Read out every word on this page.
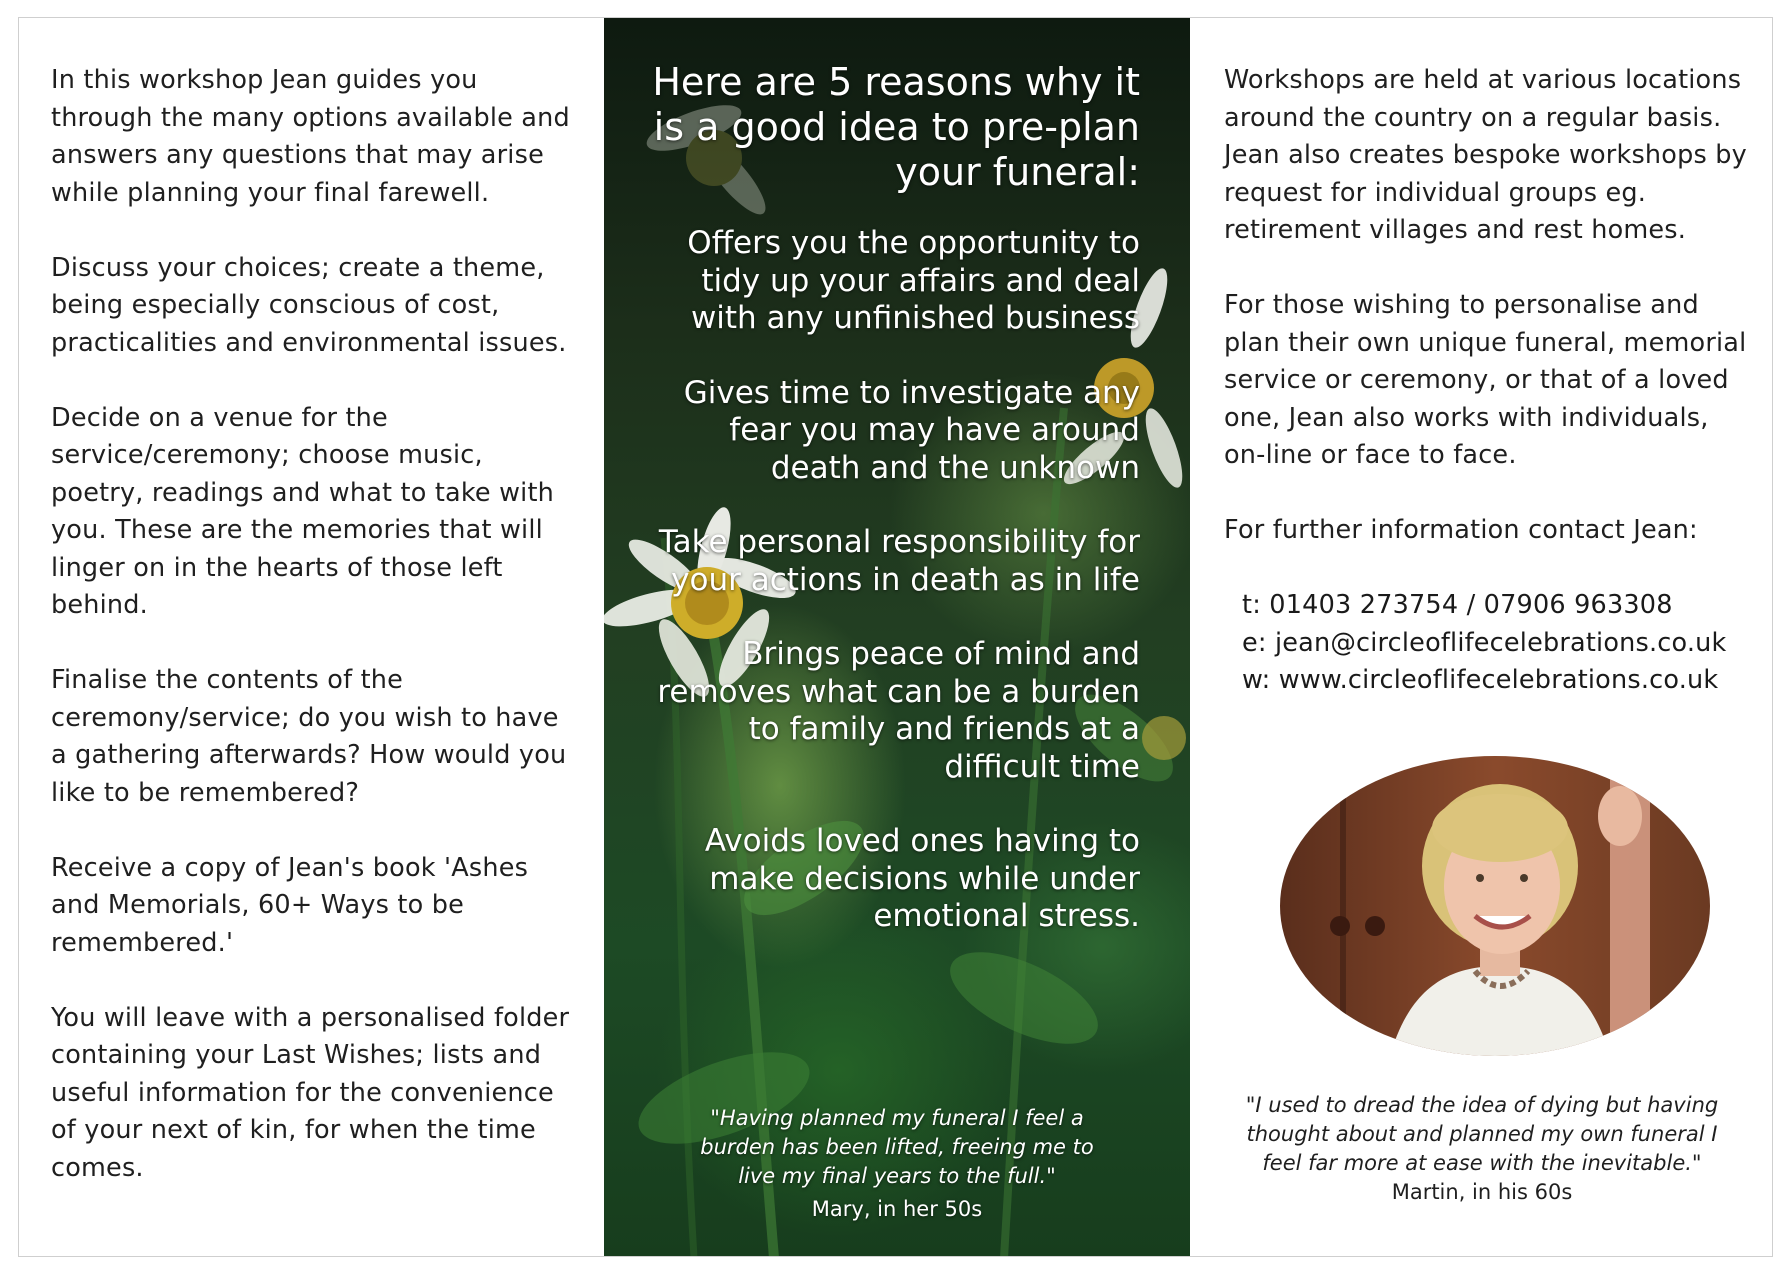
In this workshop Jean guides you through the many options available and answers any questions that may arise while planning your final farewell.

Discuss your choices; create a theme, being especially conscious of cost, practicalities and environmental issues.

Decide on a venue for the service/ceremony; choose music, poetry, readings and what to take with you. These are the memories that will linger on in the hearts of those left behind.

Finalise the contents of the ceremony/service; do you wish to have a gathering afterwards? How would you like to be remembered?

Receive a copy of Jean's book 'Ashes and Memorials, 60+ Ways to be remembered.'

You will leave with a personalised folder containing your Last Wishes; lists and useful information for the convenience of your next of kin, for when the time comes.

Here are 5 reasons why it is a good idea to pre-plan your funeral:

Offers you the opportunity to tidy up your affairs and deal with any unfinished business

Gives time to investigate any fear you may have around death and the unknown

Take personal responsibility for your actions in death as in life

Brings peace of mind and removes what can be a burden to family and friends at a difficult time

Avoids loved ones having to make decisions while under emotional stress.

"Having planned my funeral I feel a burden has been lifted, freeing me to live my final years to the full."
Mary, in her 50s

Workshops are held at various locations around the country on a regular basis. Jean also creates bespoke workshops by request for individual groups eg. retirement villages and rest homes.

For those wishing to personalise and plan their own unique funeral, memorial service or ceremony, or that of a loved one, Jean also works with individuals, on-line or face to face.

For further information contact Jean:

t: 01403 273754 / 07906 963308
e: jean@circleoflifecelebrations.co.uk
w: www.circleoflifecelebrations.co.uk
"I used to dread the idea of dying but having thought about and planned my own funeral I feel far more at ease with the inevitable."
Martin, in his 60s
